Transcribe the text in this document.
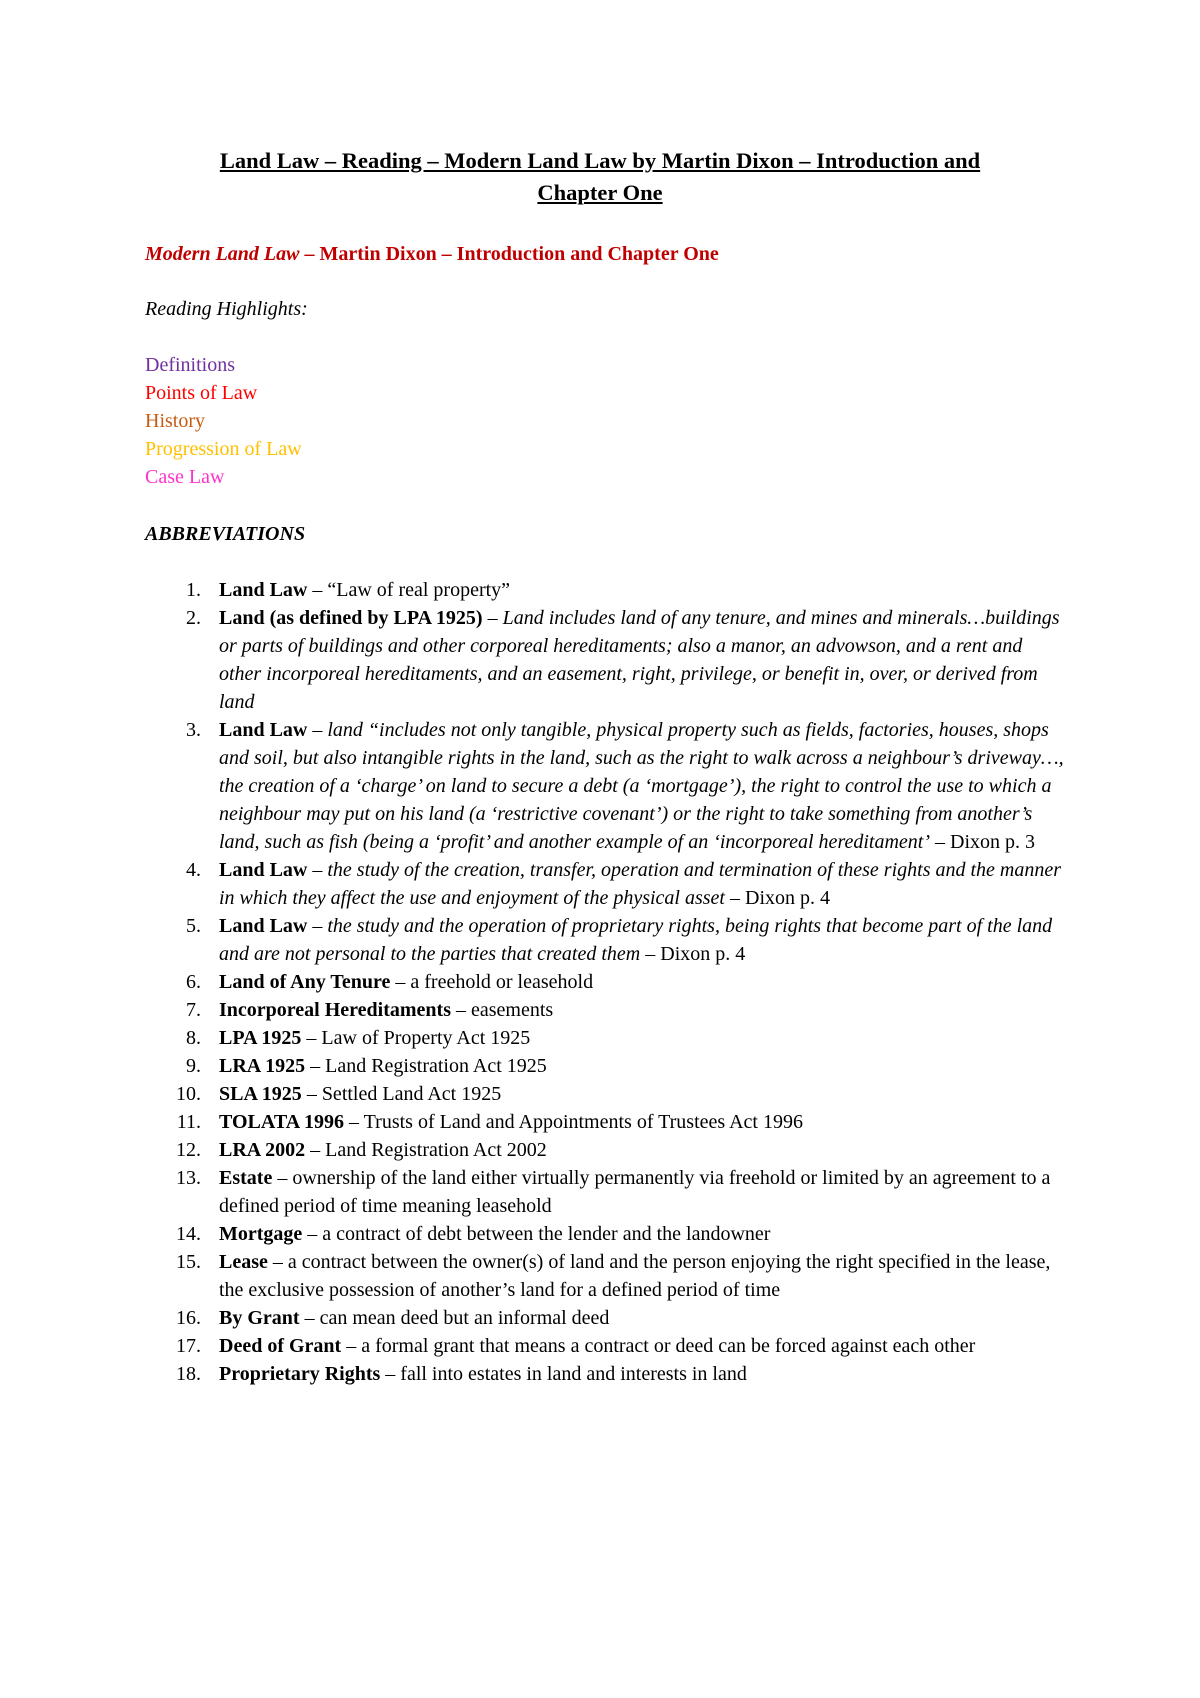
Land Law – Reading – Modern Land Law by Martin Dixon – Introduction and
Chapter One

Modern Land Law – Martin Dixon – Introduction and Chapter One

Reading Highlights:

Definitions
Points of Law
History
Progression of Law
Case Law

ABBREVIATIONS

1. Land Law – “Law of real property”
2. Land (as defined by LPA 1925) – Land includes land of any tenure, and mines and minerals…buildings or parts of buildings and other corporeal hereditaments; also a manor, an advowson, and a rent and other incorporeal hereditaments, and an easement, right, privilege, or benefit in, over, or derived from land
3. Land Law – land “includes not only tangible, physical property such as fields, factories, houses, shops and soil, but also intangible rights in the land, such as the right to walk across a neighbour’s driveway…, the creation of a ‘charge’ on land to secure a debt (a ‘mortgage’), the right to control the use to which a neighbour may put on his land (a ‘restrictive covenant’) or the right to take something from another’s land, such as fish (being a ‘profit’ and another example of an ‘incorporeal hereditament’ – Dixon p. 3
4. Land Law – the study of the creation, transfer, operation and termination of these rights and the manner in which they affect the use and enjoyment of the physical asset – Dixon p. 4
5. Land Law – the study and the operation of proprietary rights, being rights that become part of the land and are not personal to the parties that created them – Dixon p. 4
6. Land of Any Tenure – a freehold or leasehold
7. Incorporeal Hereditaments – easements
8. LPA 1925 – Law of Property Act 1925
9. LRA 1925 – Land Registration Act 1925
10. SLA 1925 – Settled Land Act 1925
11. TOLATA 1996 – Trusts of Land and Appointments of Trustees Act 1996
12. LRA 2002 – Land Registration Act 2002
13. Estate – ownership of the land either virtually permanently via freehold or limited by an agreement to a defined period of time meaning leasehold
14. Mortgage – a contract of debt between the lender and the landowner
15. Lease – a contract between the owner(s) of land and the person enjoying the right specified in the lease, the exclusive possession of another’s land for a defined period of time
16. By Grant – can mean deed but an informal deed
17. Deed of Grant – a formal grant that means a contract or deed can be forced against each other
18. Proprietary Rights – fall into estates in land and interests in land
